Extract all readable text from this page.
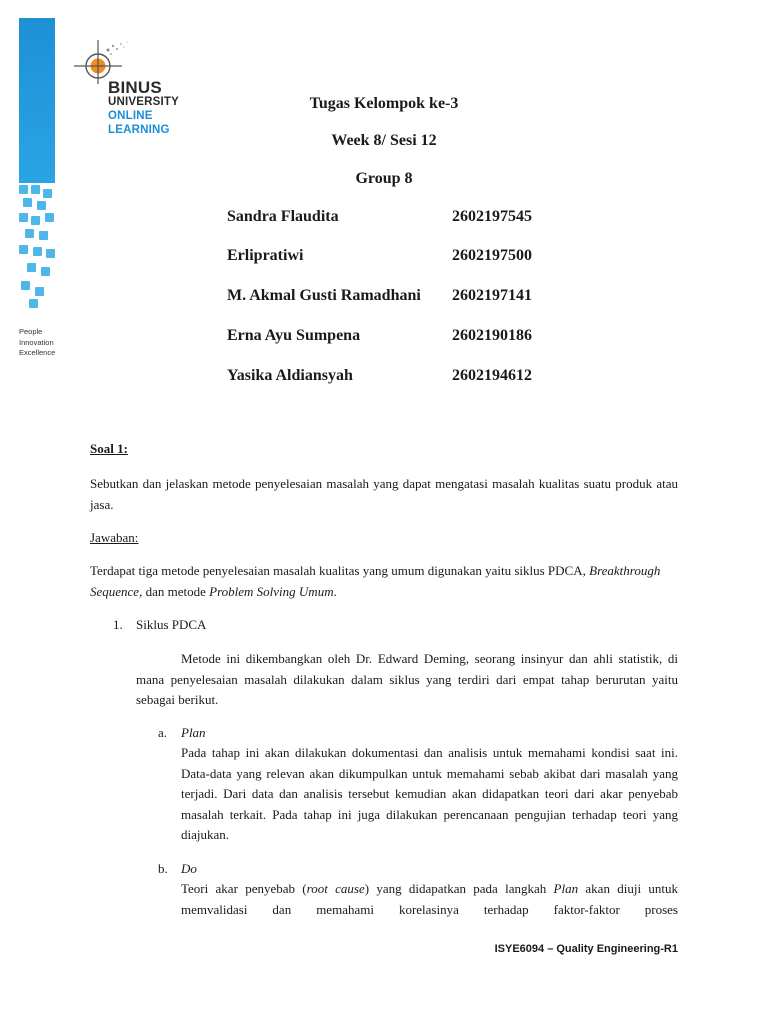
People
Innovation
Excellence
BINUS
UNIVERSITY
ONLINE
LEARNING
Tugas Kelompok ke-3
Week 8/ Sesi 12
Group 8
Sandra Flaudita	2602197545
Erlipratiwi	2602197500
M. Akmal Gusti Ramadhani 2602197141
Erna Ayu Sumpena	2602190186
Yasika Aldiansyah	2602194612
Soal 1:
Sebutkan dan jelaskan metode penyelesaian masalah yang dapat mengatasi masalah kualitas suatu produk atau jasa.
Jawaban:
Terdapat tiga metode penyelesaian masalah kualitas yang umum digunakan yaitu siklus PDCA, Breakthrough Sequence, dan metode Problem Solving Umum.
1. Siklus PDCA
Metode ini dikembangkan oleh Dr. Edward Deming, seorang insinyur dan ahli statistik, di mana penyelesaian masalah dilakukan dalam siklus yang terdiri dari empat tahap berurutan yaitu sebagai berikut.
a. Plan
Pada tahap ini akan dilakukan dokumentasi dan analisis untuk memahami kondisi saat ini. Data-data yang relevan akan dikumpulkan untuk memahami sebab akibat dari masalah yang terjadi. Dari data dan analisis tersebut kemudian akan didapatkan teori dari akar penyebab masalah terkait. Pada tahap ini juga dilakukan perencanaan pengujian terhadap teori yang diajukan.
b. Do
Teori akar penyebab (root cause) yang didapatkan pada langkah Plan akan diuji untuk memvalidasi dan memahami korelasinya terhadap faktor-faktor proses
ISYE6094 – Quality Engineering-R1
